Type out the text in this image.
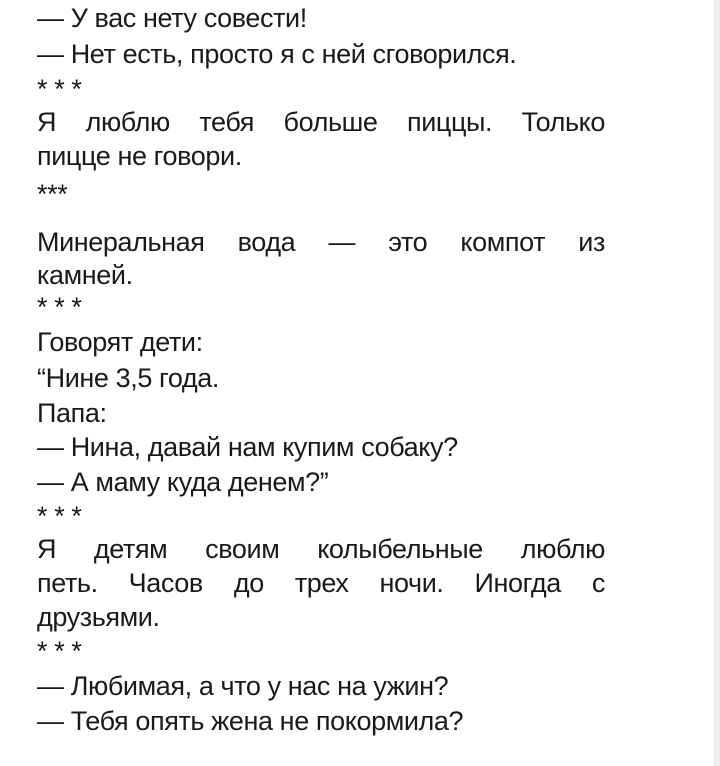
— У вас нету совести!
— Нет есть, просто я с ней сговорился.
* * *
Я люблю тебя больше пиццы. Только
пицце не говори.
***
Минеральная вода — это компот из
камней.
* * *
Говорят дети:
“Нине 3,5 года.
Папа:
— Нина, давай нам купим собаку?
— А маму куда денем?”
* * *
Я детям своим колыбельные люблю
петь. Часов до трех ночи. Иногда с
друзьями.
* * *
— Любимая, а что у нас на ужин?
— Тебя опять жена не покормила?
